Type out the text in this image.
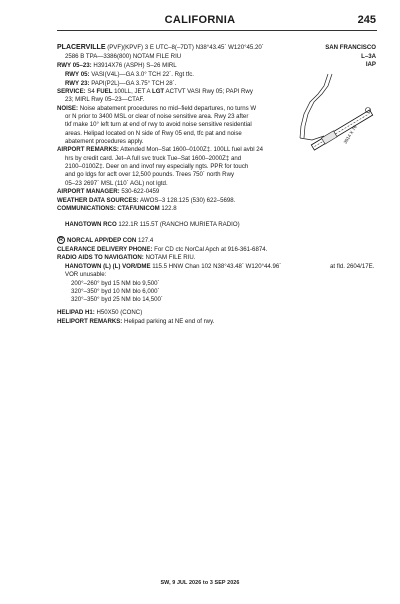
CALIFORNIA	245
PLACERVILLE (PVF)(KPVF) 3 E UTC–8(–7DT) N38°43.45´ W120°45.20´	SAN FRANCISCO
2586 B TPA—3386(800) NOTAM FILE RIU	L–3A
IAP
RWY 05–23: H3914X76 (ASPH) S–26 MIRL
RWY 05: VASI(V4L)—GA 3.0° TCH 22´. Rgt tfc.
RWY 23: PAPI(P2L)—GA 3.75° TCH 28´.
SERVICE: S4 FUEL 100LL, JET A LGT ACTVT VASI Rwy 05; PAPI Rwy
23; MIRL Rwy 05–23—CTAF.
NOISE: Noise abatement procedures no mid–field departures, no turns W
or N prior to 3400 MSL or clear of noise sensitive area. Rwy 23 after
tkf make 10° left turn at end of rwy to avoid noise sensitive residential
areas. Helipad located on N side of Rwy 05 end, tfc pat and noise
abatement procedures apply.
AIRPORT REMARKS: Attended Mon–Sat 1600–0100Z‡. 100LL fuel avbl 24
hrs by credit card. Jet–A full svc truck Tue–Sat 1600–2000Z‡ and
2100–0100Z‡. Deer on and invof rwy especially ngts. PPR for touch
and go ldgs for acft over 12,500 pounds. Trees 750´ north Rwy
05–23 2697´ MSL (110´ AGL) not lgtd.
AIRPORT MANAGER: 530-622-0459
WEATHER DATA SOURCES: AWOS–3 128.125 (530) 622–5698.
COMMUNICATIONS: CTAF/UNICOM 122.8
HANGTOWN RCO 122.1R 115.5T (RANCHO MURIETA RADIO)
R NORCAL APP/DEP CON 127.4
CLEARANCE DELIVERY PHONE: For CD ctc NorCal Apch at 916-361-6874.
RADIO AIDS TO NAVIGATION: NOTAM FILE RIU.
HANGTOWN (L) (L) VOR/DME 115.5 HNW Chan 102 N38°43.48´ W120°44.96´	at fld. 2604/17E.
VOR unusable:
200°–260° byd 15 NM blo 9,500´
320°–350° byd 10 NM blo 6,000´
320°–350° byd 25 NM blo 14,500´
HELIPAD H1: H50X50 (CONC)
HELIPORT REMARKS: Helipad parking at NE end of rwy.
3914 X 76
SW, 9 JUL 2026 to 3 SEP 2026
